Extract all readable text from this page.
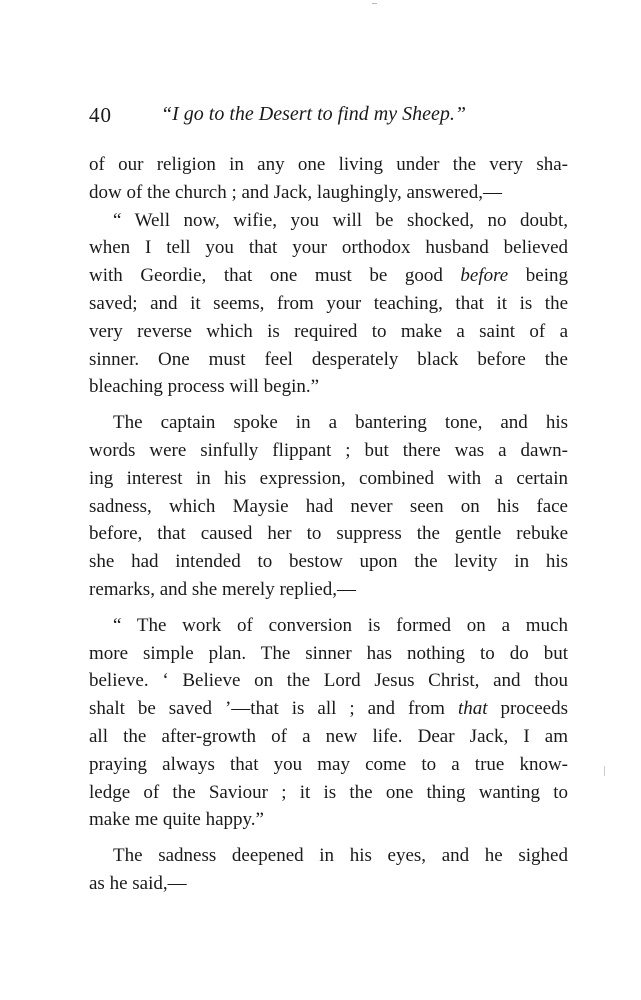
40 “I go to the Desert to find my Sheep.”
of our religion in any one living under the very sha-
dow of the church ; and Jack, laughingly, answered,—
“ Well now, wifie, you will be shocked, no doubt,
when I tell you that your orthodox husband believed
with Geordie, that one must be good before being
saved; and it seems, from your teaching, that it is the
very reverse which is required to make a saint of a
sinner. One must feel desperately black before the
bleaching process will begin.”
The captain spoke in a bantering tone, and his
words were sinfully flippant ; but there was a dawn-
ing interest in his expression, combined with a certain
sadness, which Maysie had never seen on his face
before, that caused her to suppress the gentle rebuke
she had intended to bestow upon the levity in his
remarks, and she merely replied,—
“ The work of conversion is formed on a much
more simple plan. The sinner has nothing to do but
believe. ‘ Believe on the Lord Jesus Christ, and thou
shalt be saved ’—that is all ; and from that proceeds
all the after-growth of a new life. Dear Jack, I am
praying always that you may come to a true know-
ledge of the Saviour ; it is the one thing wanting to
make me quite happy.”
The sadness deepened in his eyes, and he sighed
as he said,—
